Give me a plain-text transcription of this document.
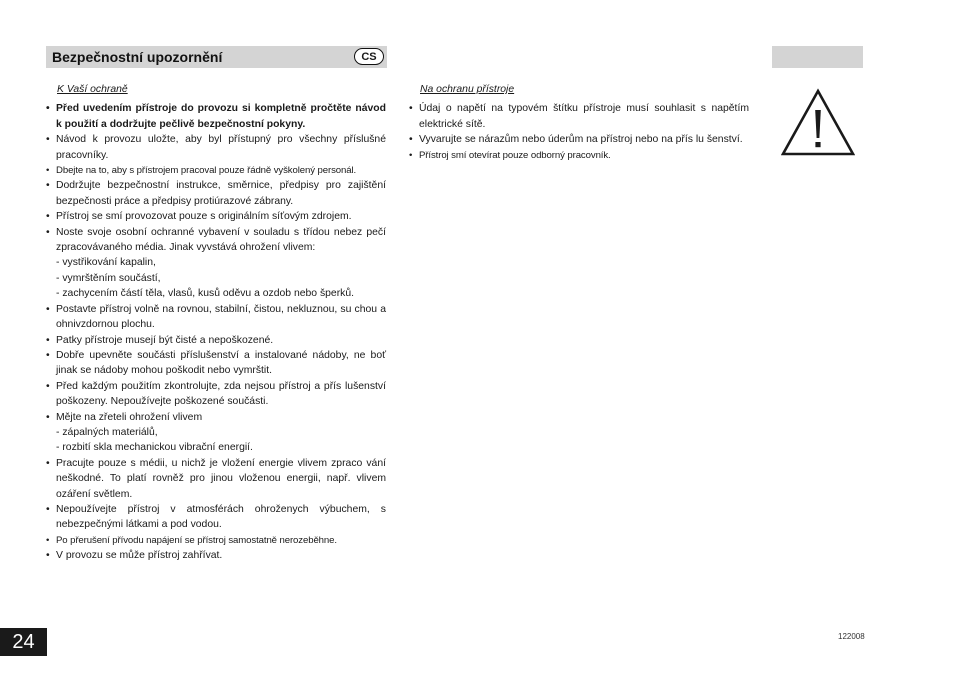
Bezpečnostní upozornění	CS
K Vaší ochraně
• Před uvedením přístroje do provozu si kompletně pročtěte návod k použití a dodržujte pečlivě bezpečnostní pokyny.
• Návod k provozu uložte, aby byl přístupný pro všechny příslušné pracovníky.
• Dbejte na to, aby s přístrojem pracoval pouze řádně vyškolený personál.
• Dodržujte bezpečnostní instrukce, směrnice, předpisy pro zajištění bezpečnosti práce a předpisy protiúrazové zábrany.
• Přístroj se smí provozovat pouze s originálním síťovým zdrojem.
• Noste svoje osobní ochranné vybavení v souladu s třídou nebez pečí zpracovávaného média. Jinak vyvstává ohrožení vlivem:
- vystřikování kapalin,
- vymrštěním součástí,
- zachycením částí těla, vlasů, kusů oděvu a ozdob nebo šperků.
• Postavte přístroj volně na rovnou, stabilní, čistou, nekluznou, su chou a ohnivzdornou plochu.
• Patky přístroje musejí být čisté a nepoškozené.
• Dobře upevněte součásti příslušenství a instalované nádoby, ne boť jinak se nádoby mohou poškodit nebo vymrštit.
• Před každým použitím zkontrolujte, zda nejsou přístroj a přís lušenství poškozeny. Nepoužívejte poškozené součásti.
• Mějte na zřeteli ohrožení vlivem
- zápalných materiálů,
- rozbití skla mechanickou vibrační energií.
• Pracujte pouze s médii, u nichž je vložení energie vlivem zpraco vání neškodné. To platí rovněž pro jinou vloženou energii, např. vlivem ozáření světlem.
• Nepoužívejte přístroj v atmosférách ohroženych výbuchem, s nebezpečnými látkami a pod vodou.
• Po přerušení přívodu napájení se přístroj samostatně nerozeběhne.
• V provozu se může přístroj zahřívat.
Na ochranu přístroje
• Údaj o napětí na typovém štítku přístroje musí souhlasit s napětím elektrické sítě.
• Vyvarujte se nárazům nebo úderům na přístroj nebo na přís lu šenství.
• Přístroj smí otevírat pouze odborný pracovník.
24	122008
